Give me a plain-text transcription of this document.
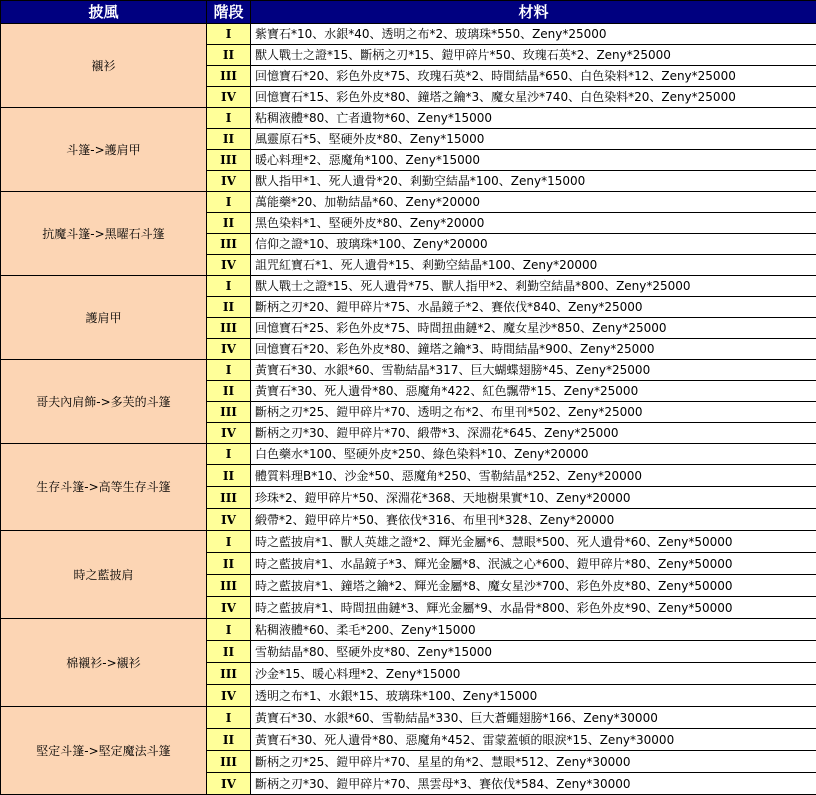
披風	階段	材料
襯衫	I	紫寶石*10、水銀*40、透明之布*2、玻璃珠*550、Zeny*25000
	II	獸人戰士之證*15、斷柄之刃*15、鎧甲碎片*50、玫瑰石英*2、Zeny*25000
	III	回憶寶石*20、彩色外皮*75、玫瑰石英*2、時間結晶*650、白色染料*12、Zeny*25000
	IV	回憶寶石*15、彩色外皮*80、鐘塔之鑰*3、魔女星沙*740、白色染料*20、Zeny*25000
斗篷->護肩甲	I	粘稠液體*80、亡者遺物*60、Zeny*15000
	II	風靈原石*5、堅硬外皮*80、Zeny*15000
	III	暖心料理*2、惡魔角*100、Zeny*15000
	IV	獸人指甲*1、死人遺骨*20、剎勤空結晶*100、Zeny*15000
抗魔斗篷->黑曜石斗篷	I	萬能藥*20、加勒結晶*60、Zeny*20000
	II	黑色染料*1、堅硬外皮*80、Zeny*20000
	III	信仰之證*10、玻璃珠*100、Zeny*20000
	IV	詛咒紅寶石*1、死人遺骨*15、剎勤空結晶*100、Zeny*20000
護肩甲	I	獸人戰士之證*15、死人遺骨*75、獸人指甲*2、剎勤空結晶*800、Zeny*25000
	II	斷柄之刃*20、鎧甲碎片*75、水晶鏡子*2、賽依伐*840、Zeny*25000
	III	回憶寶石*25、彩色外皮*75、時間扭曲鏈*2、魔女星沙*850、Zeny*25000
	IV	回憶寶石*20、彩色外皮*80、鐘塔之鑰*3、時間結晶*900、Zeny*25000
哥夫內肩飾->多芙的斗篷	I	黃寶石*30、水銀*60、雪勒結晶*317、巨大蝴蝶翅膀*45、Zeny*25000
	II	黃寶石*30、死人遺骨*80、惡魔角*422、紅色飄帶*15、Zeny*25000
	III	斷柄之刃*25、鎧甲碎片*70、透明之布*2、布里刊*502、Zeny*25000
	IV	斷柄之刃*30、鎧甲碎片*70、緞帶*3、深淵花*645、Zeny*25000
生存斗篷->高等生存斗篷	I	白色藥水*100、堅硬外皮*250、綠色染料*10、Zeny*20000
	II	體質料理B*10、沙金*50、惡魔角*250、雪勒結晶*252、Zeny*20000
	III	珍珠*2、鎧甲碎片*50、深淵花*368、天地樹果實*10、Zeny*20000
	IV	緞帶*2、鎧甲碎片*50、賽依伐*316、布里刊*328、Zeny*20000
時之藍披肩	I	時之藍披肩*1、獸人英雄之證*2、輝光金屬*6、慧眼*500、死人遺骨*60、Zeny*50000
	II	時之藍披肩*1、水晶鏡子*3、輝光金屬*8、泯滅之心*600、鎧甲碎片*80、Zeny*50000
	III	時之藍披肩*1、鐘塔之鑰*2、輝光金屬*8、魔女星沙*700、彩色外皮*80、Zeny*50000
	IV	時之藍披肩*1、時間扭曲鏈*3、輝光金屬*9、水晶骨*800、彩色外皮*90、Zeny*50000
棉襯衫->襯衫	I	粘稠液體*60、柔毛*200、Zeny*15000
	II	雪勒結晶*80、堅硬外皮*80、Zeny*15000
	III	沙金*15、暖心料理*2、Zeny*15000
	IV	透明之布*1、水銀*15、玻璃珠*100、Zeny*15000
堅定斗篷->堅定魔法斗篷	I	黃寶石*30、水銀*60、雪勒結晶*330、巨大蒼蠅翅膀*166、Zeny*30000
	II	黃寶石*30、死人遺骨*80、惡魔角*452、雷蒙蓋頓的眼淚*15、Zeny*30000
	III	斷柄之刃*25、鎧甲碎片*70、星星的角*2、慧眼*512、Zeny*30000
	IV	斷柄之刃*30、鎧甲碎片*70、黑雲母*3、賽依伐*584、Zeny*30000
